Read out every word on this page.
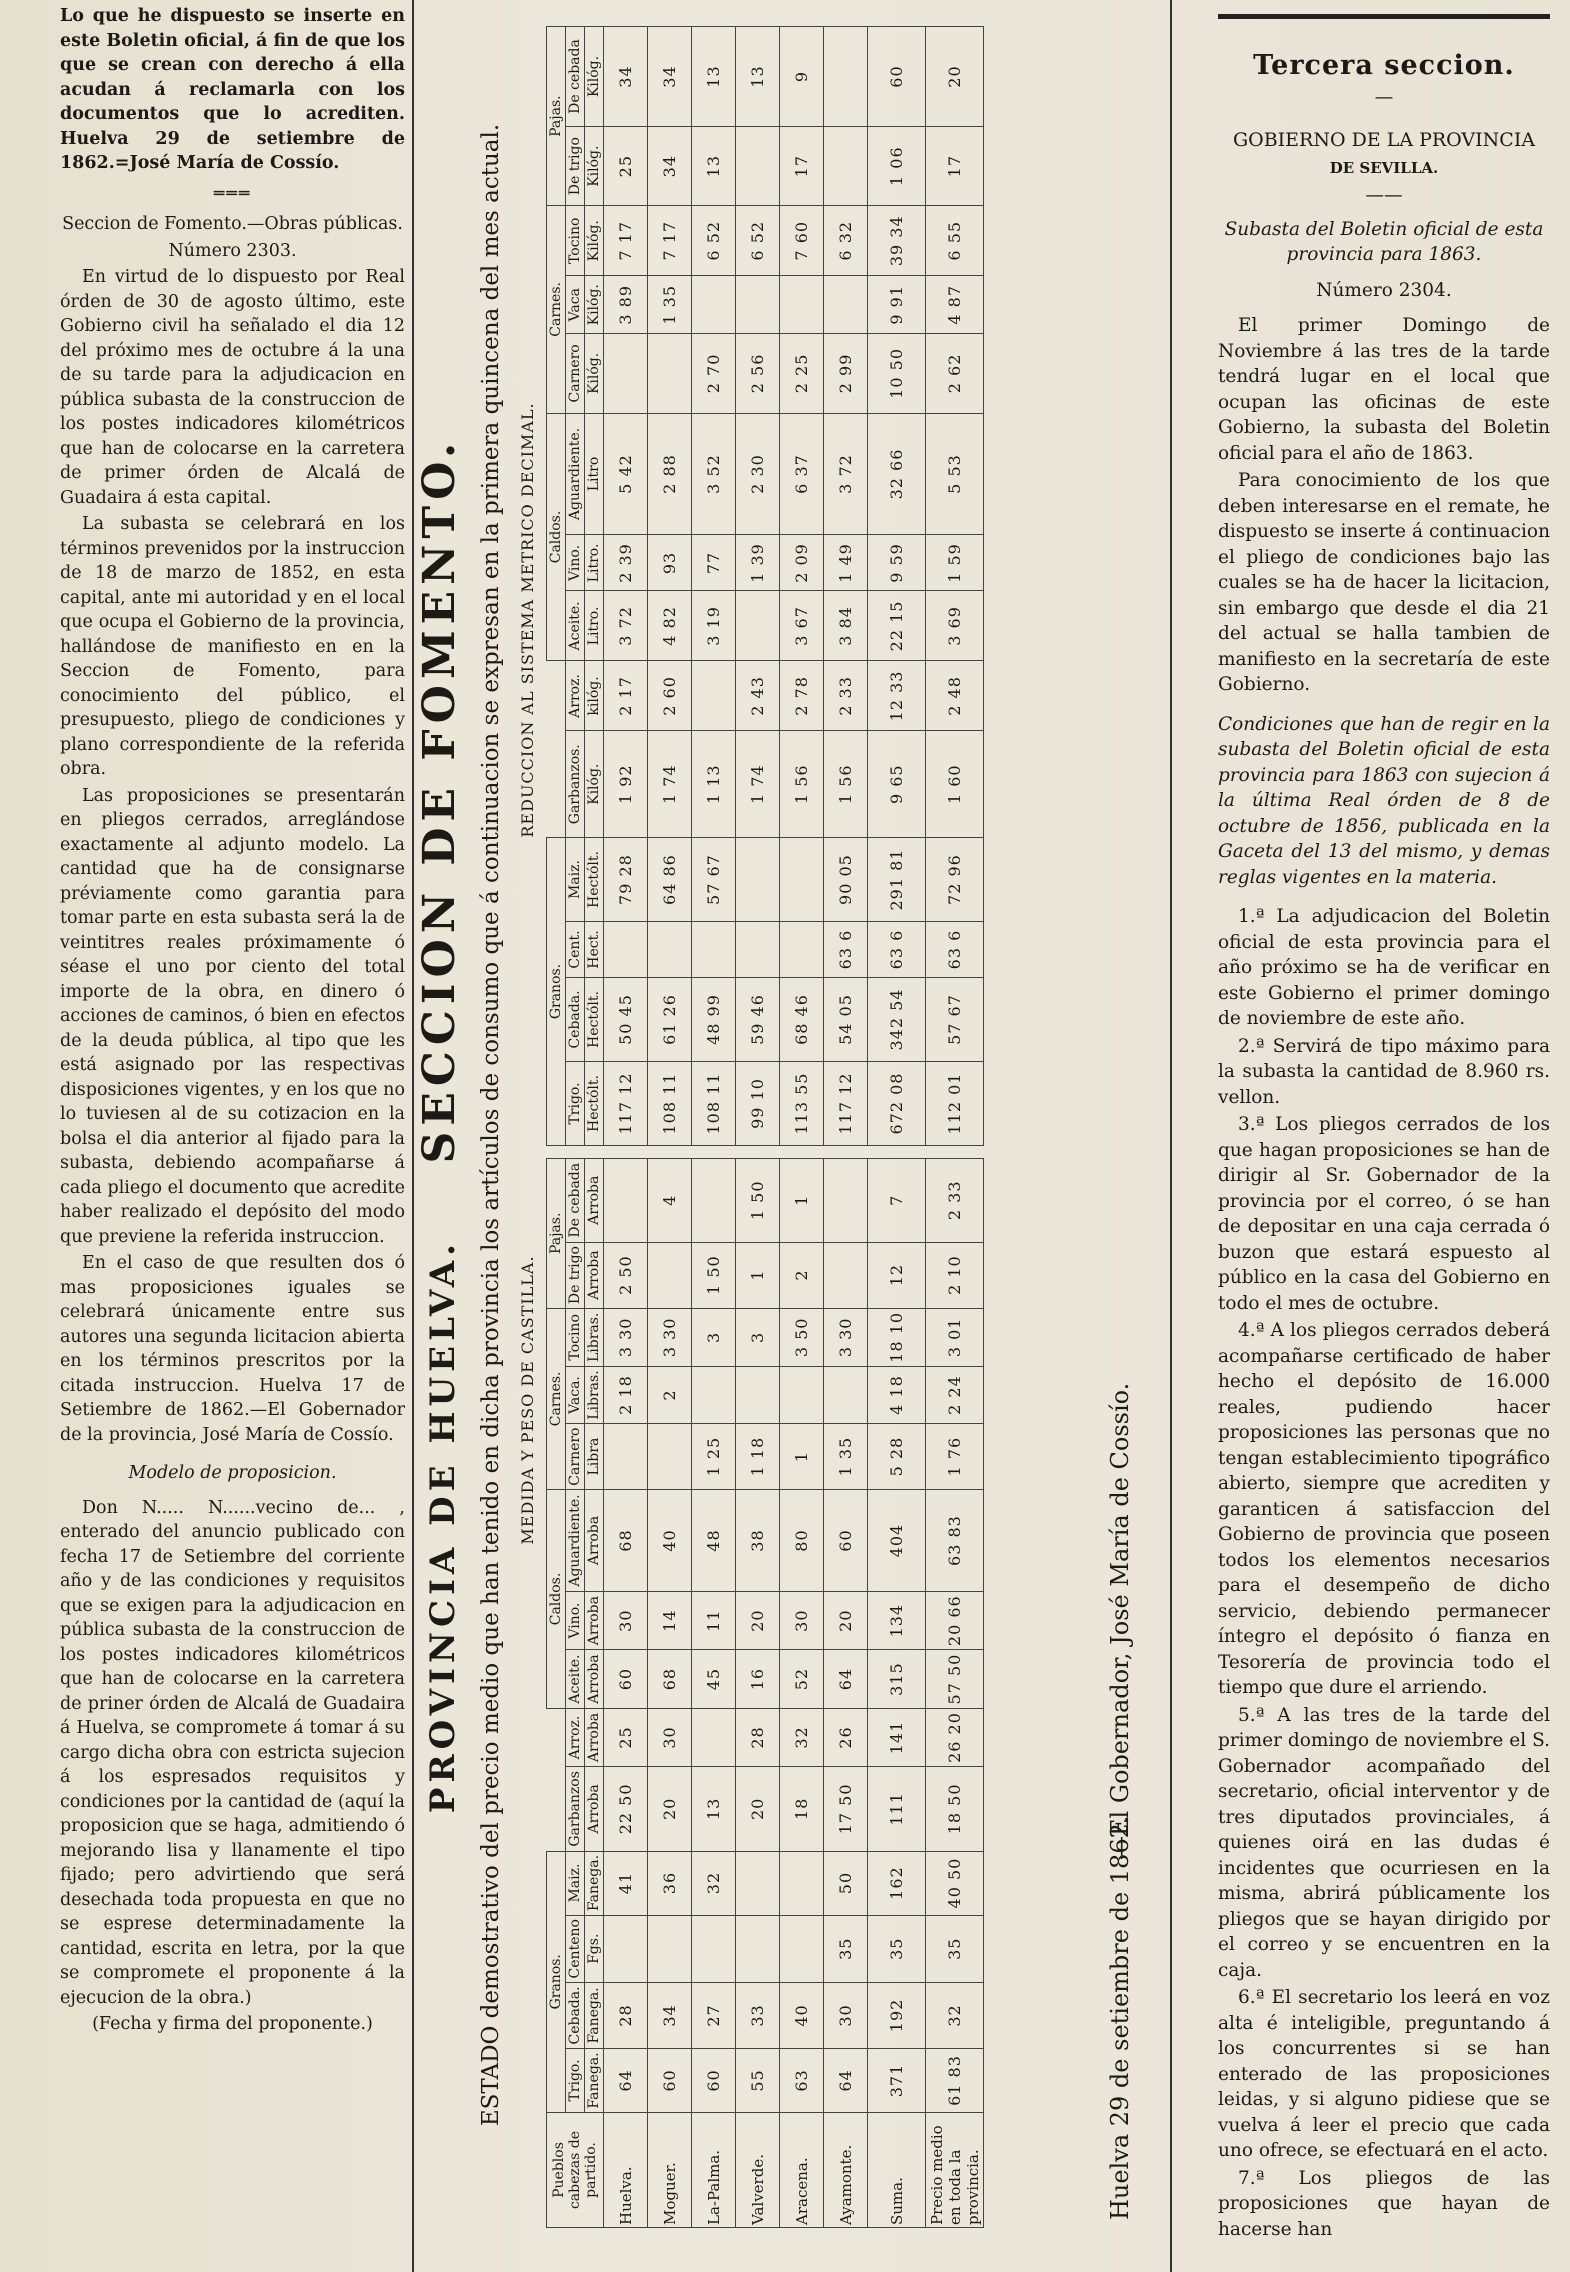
Lo que he dispuesto se inserte en este Boletin oficial, á fin de que los que se crean con derecho á ella acudan á reclamarla con los documentos que lo acrediten. Huelva 29 de setiembre de 1862.=José María de Cossío.

═══

Seccion de Fomento.—Obras públicas.

Número 2303.

En virtud de lo dispuesto por Real órden de 30 de agosto último, este Gobierno civil ha señalado el dia 12 del próximo mes de octubre á la una de su tarde para la adjudicacion en pública subasta de la construccion de los postes indicadores kilométricos que han de colocarse en la carretera de primer órden de Alcalá de Guadaira á esta capital.

La subasta se celebrará en los términos prevenidos por la instruccion de 18 de marzo de 1852, en esta capital, ante mi autoridad y en el local que ocupa el Gobierno de la provincia, hallándose de manifiesto en en la Seccion de Fomento, para conocimiento del público, el presupuesto, pliego de condiciones y plano correspondiente de la referida obra.

Las proposiciones se presentarán en pliegos cerrados, arreglándose exactamente al adjunto modelo. La cantidad que ha de consignarse préviamente como garantia para tomar parte en esta subasta será la de veintitres reales próximamente ó séase el uno por ciento del total importe de la obra, en dinero ó acciones de caminos, ó bien en efectos de la deuda pública, al tipo que les está asignado por las respectivas disposiciones vigentes, y en los que no lo tuviesen al de su cotizacion en la bolsa el dia anterior al fijado para la subasta, debiendo acompañarse á cada pliego el documento que acredite haber realizado el depósito del modo que previene la referida instruccion.

En el caso de que resulten dos ó mas proposiciones iguales se celebrará únicamente entre sus autores una segunda licitacion abierta en los términos prescritos por la citada instruccion. Huelva 17 de Setiembre de 1862.—El Gobernador de la provincia, José María de Cossío.

Modelo de proposicion.

Don N..... N......vecino de... , enterado del anuncio publicado con fecha 17 de Setiembre del corriente año y de las condiciones y requisitos que se exigen para la adjudicacion en pública subasta de la construccion de los postes indicadores kilométricos que han de colocarse en la carretera de priner órden de Alcalá de Guadaira á Huelva, se compromete á tomar á su cargo dicha obra con estricta sujecion á los espresados requisitos y condiciones por la cantidad de (aquí la proposicion que se haga, admitiendo ó mejorando lisa y llanamente el tipo fijado; pero advirtiendo que será desechada toda propuesta en que no se esprese determinadamente la cantidad, escrita en letra, por la que se compromete el proponente á la ejecucion de la obra.)

(Fecha y firma del proponente.)

PROVINCIA DE HUELVA.              SECCION DE FOMENTO. ESTADO demostrativo del precio medio que han tenido en dicha provincia los artículos de consumo que á continuacion se expresan en la primera quincena del mes actual. MEDIDA Y PESO DE CASTILLA.
REDUCCION AL SISTEMA METRICO DECIMAL.
Pueblos cabezas de partido.	Granos.						Caldos.			Carnes.			Pajas.	
	Trigo.	Cebada.	Centeno	Maiz.	Garbanzos	Arroz.	Aceite.	Vino.	Aguardiente.	Carnero	Vaca.	Tocino	De trigo	De cebada
	Fanega.	Fanega.	Fgs.	Fanega.	Arroba	Arroba	Arroba	Arroba	Arroba	Libra	Libras.	Libras.	Arroba	Arroba
Huelva.	64	28		41	22 50	25	60	30	68		2 18	3 30	2 50	
Moguer.	60	34		36	20	30	68	14	40		2	3 30		4
La-Palma.	60	27		32	13		45	11	48	1 25		3	1 50	
Valverde.	55	33			20	28	16	20	38	1 18		3	1	1 50
Aracena.	63	40			18	32	52	30	80	1		3 50	2	1
Ayamonte.	64	30	35	50	17 50	26	64	20	60	1 35		3 30		
Suma.	371	192	35	162	111	141	315	134	404	5 28	4 18	18 10	12	7
Precio medio en toda la provincia.	61 83	32	35	40 50	18 50	26 20	57 50	20 66	63 83	1 76	2 24	3 01	2 10	2 33
Granos.						Caldos.			Carnes.			Pajas.	
Trigo.	Cebada.	Cent.	Maiz.	Garbanzos.	Arroz.	Aceite.	Vino.	Aguardiente.	Carnero	Vaca	Tocino	De trigo	De cebada
Hectólt.	Hectólt.	Hect.	Hectólt.	Kilóg.	kilóg.	Litro.	Litro.	Litro	Kilóg.	Kilóg.	Kilóg.	Kilóg.	Kilóg.
117 12	50 45		79 28	1 92	2 17	3 72	2 39	5 42		3 89	7 17	25	34
108 11	61 26		64 86	1 74	2 60	4 82	93	2 88		1 35	7 17	34	34
108 11	48 99		57 67	1 13		3 19	77	3 52	2 70		6 52	13	13
99 10	59 46			1 74	2 43		1 39	2 30	2 56		6 52		13
113 55	68 46			1 56	2 78	3 67	2 09	6 37	2 25		7 60	17	9
117 12	54 05	63 6	90 05	1 56	2 33	3 84	1 49	3 72	2 99		6 32		
672 08	342 54	63 6	291 81	9 65	12 33	22 15	9 59	32 66	10 50	9 91	39 34	1 06	60
112 01	57 67	63 6	72 96	1 60	2 48	3 69	1 59	5 53	2 62	4 87	6 55	17	20
Huelva 29 de setiembre de 1862.
—El Gobernador, José María de Cossío.

Tercera seccion.

—

GOBIERNO DE LA PROVINCIA

DE SEVILLA.

——

Subasta del Boletin oficial de esta provincia para 1863.

Número 2304.

El primer Domingo de Noviembre á las tres de la tarde tendrá lugar en el local que ocupan las oficinas de este Gobierno, la subasta del Boletin oficial para el año de 1863.

Para conocimiento de los que deben interesarse en el remate, he dispuesto se inserte á continuacion el pliego de condiciones bajo las cuales se ha de hacer la licitacion, sin embargo que desde el dia 21 del actual se halla tambien de manifiesto en la secretaría de este Gobierno.

Condiciones que han de regir en la subasta del Boletin oficial de esta provincia para 1863 con sujecion á la última Real órden de 8 de octubre de 1856, publicada en la Gaceta del 13 del mismo, y demas reglas vigentes en la materia.

1.ª La adjudicacion del Boletin oficial de esta provincia para el año próximo se ha de verificar en este Gobierno el primer domingo de noviembre de este año.

2.ª Servirá de tipo máximo para la subasta la cantidad de 8.960 rs. vellon.

3.ª Los pliegos cerrados de los que hagan proposiciones se han de dirigir al Sr. Gobernador de la provincia por el correo, ó se han de depositar en una caja cerrada ó buzon que estará espuesto al público en la casa del Gobierno en todo el mes de octubre.

4.ª A los pliegos cerrados deberá acompañarse certificado de haber hecho el depósito de 16.000 reales, pudiendo hacer proposiciones las personas que no tengan establecimiento tipográfico abierto, siempre que acrediten y garanticen á satisfaccion del Gobierno de provincia que poseen todos los elementos necesarios para el desempeño de dicho servicio, debiendo permanecer íntegro el depósito ó fianza en Tesorería de provincia todo el tiempo que dure el arriendo.

5.ª A las tres de la tarde del primer domingo de noviembre el S. Gobernador acompañado del secretario, oficial interventor y de tres diputados provinciales, á quienes oirá en las dudas é incidentes que ocurriesen en la misma, abrirá públicamente los pliegos que se hayan dirigido por el correo y se encuentren en la caja.

6.ª El secretario los leerá en voz alta é inteligible, preguntando á los concurrentes si se han enterado de las proposiciones leidas, y si alguno pidiese que se vuelva á leer el precio que cada uno ofrece, se efectuará en el acto.

7.ª Los pliegos de las proposiciones que hayan de hacerse han
